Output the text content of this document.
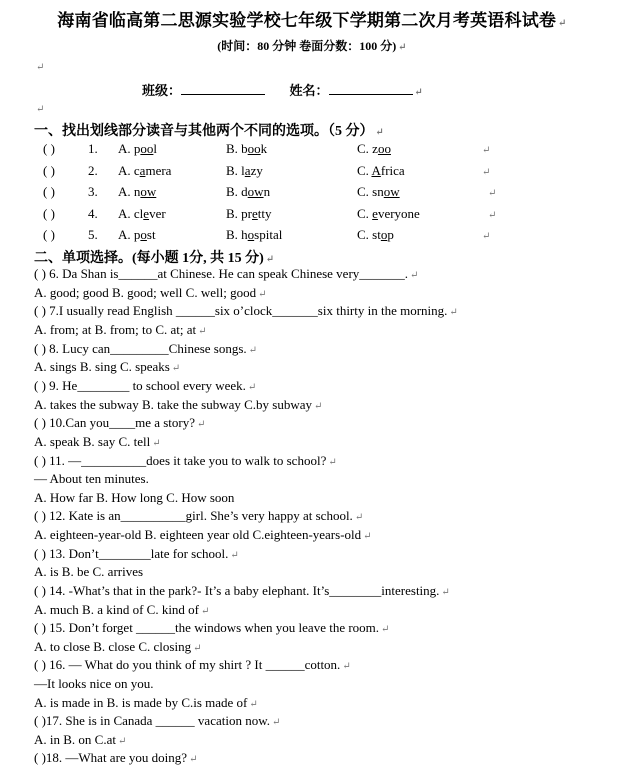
海南省临高第二思源实验学校七年级下学期第二次月考英语科试卷 ↵
(时间：80 分钟 卷面分数：100 分) ↵
↵
班级：	姓名：	↵
↵
一、找出划线部分读音与其他两个不同的选项。（5 分） ↵
( )	1. A. pool	B. book	C. zoo	↵
( )	2. A. camera	B. lazy	C. Africa	↵
( )	3. A. now	B. down	C. snow	↵
( )	4. A. clever	B. pretty	C. everyone	↵
( )	5. A. post	B. hospital	C. stop	↵
二、单项选择。(每小题 1分, 共 15 分) ↵
( ) 6. Da Shan is______at Chinese. He can speak Chinese very_______. ↵
A. good; good B. good; well C. well; good ↵
( ) 7.I usually read English ______six o’clock_______six thirty in the morning. ↵
A. from; at B. from; to C. at; at ↵
( ) 8. Lucy can_________Chinese songs. ↵
A. sings B. sing C. speaks ↵
( ) 9. He________ to school every week. ↵
A. takes the subway B. take the subway C.by subway ↵
( ) 10.Can you____me a story? ↵
A. speak B. say C. tell ↵
( ) 11. —__________does it take you to walk to school? ↵
— About ten minutes.
A. How far B. How long C. How soon
( ) 12. Kate is an__________girl. She’s very happy at school. ↵
A. eighteen-year-old B. eighteen year old C.eighteen-years-old ↵
( ) 13. Don’t________late for school. ↵
A. is B. be C. arrives
( ) 14. -What’s that in the park?- It’s a baby elephant. It’s________interesting. ↵
A. much B. a kind of C. kind of ↵
( ) 15. Don’t forget ______the windows when you leave the room. ↵
A. to close B. close C. closing ↵
( ) 16. — What do you think of my shirt ? It ______cotton. ↵
—It looks nice on you.
A. is made in B. is made by C.is made of ↵
( )17. She is in Canada ______ vacation now. ↵
A. in B. on C.at ↵
( )18. —What are you doing? ↵
